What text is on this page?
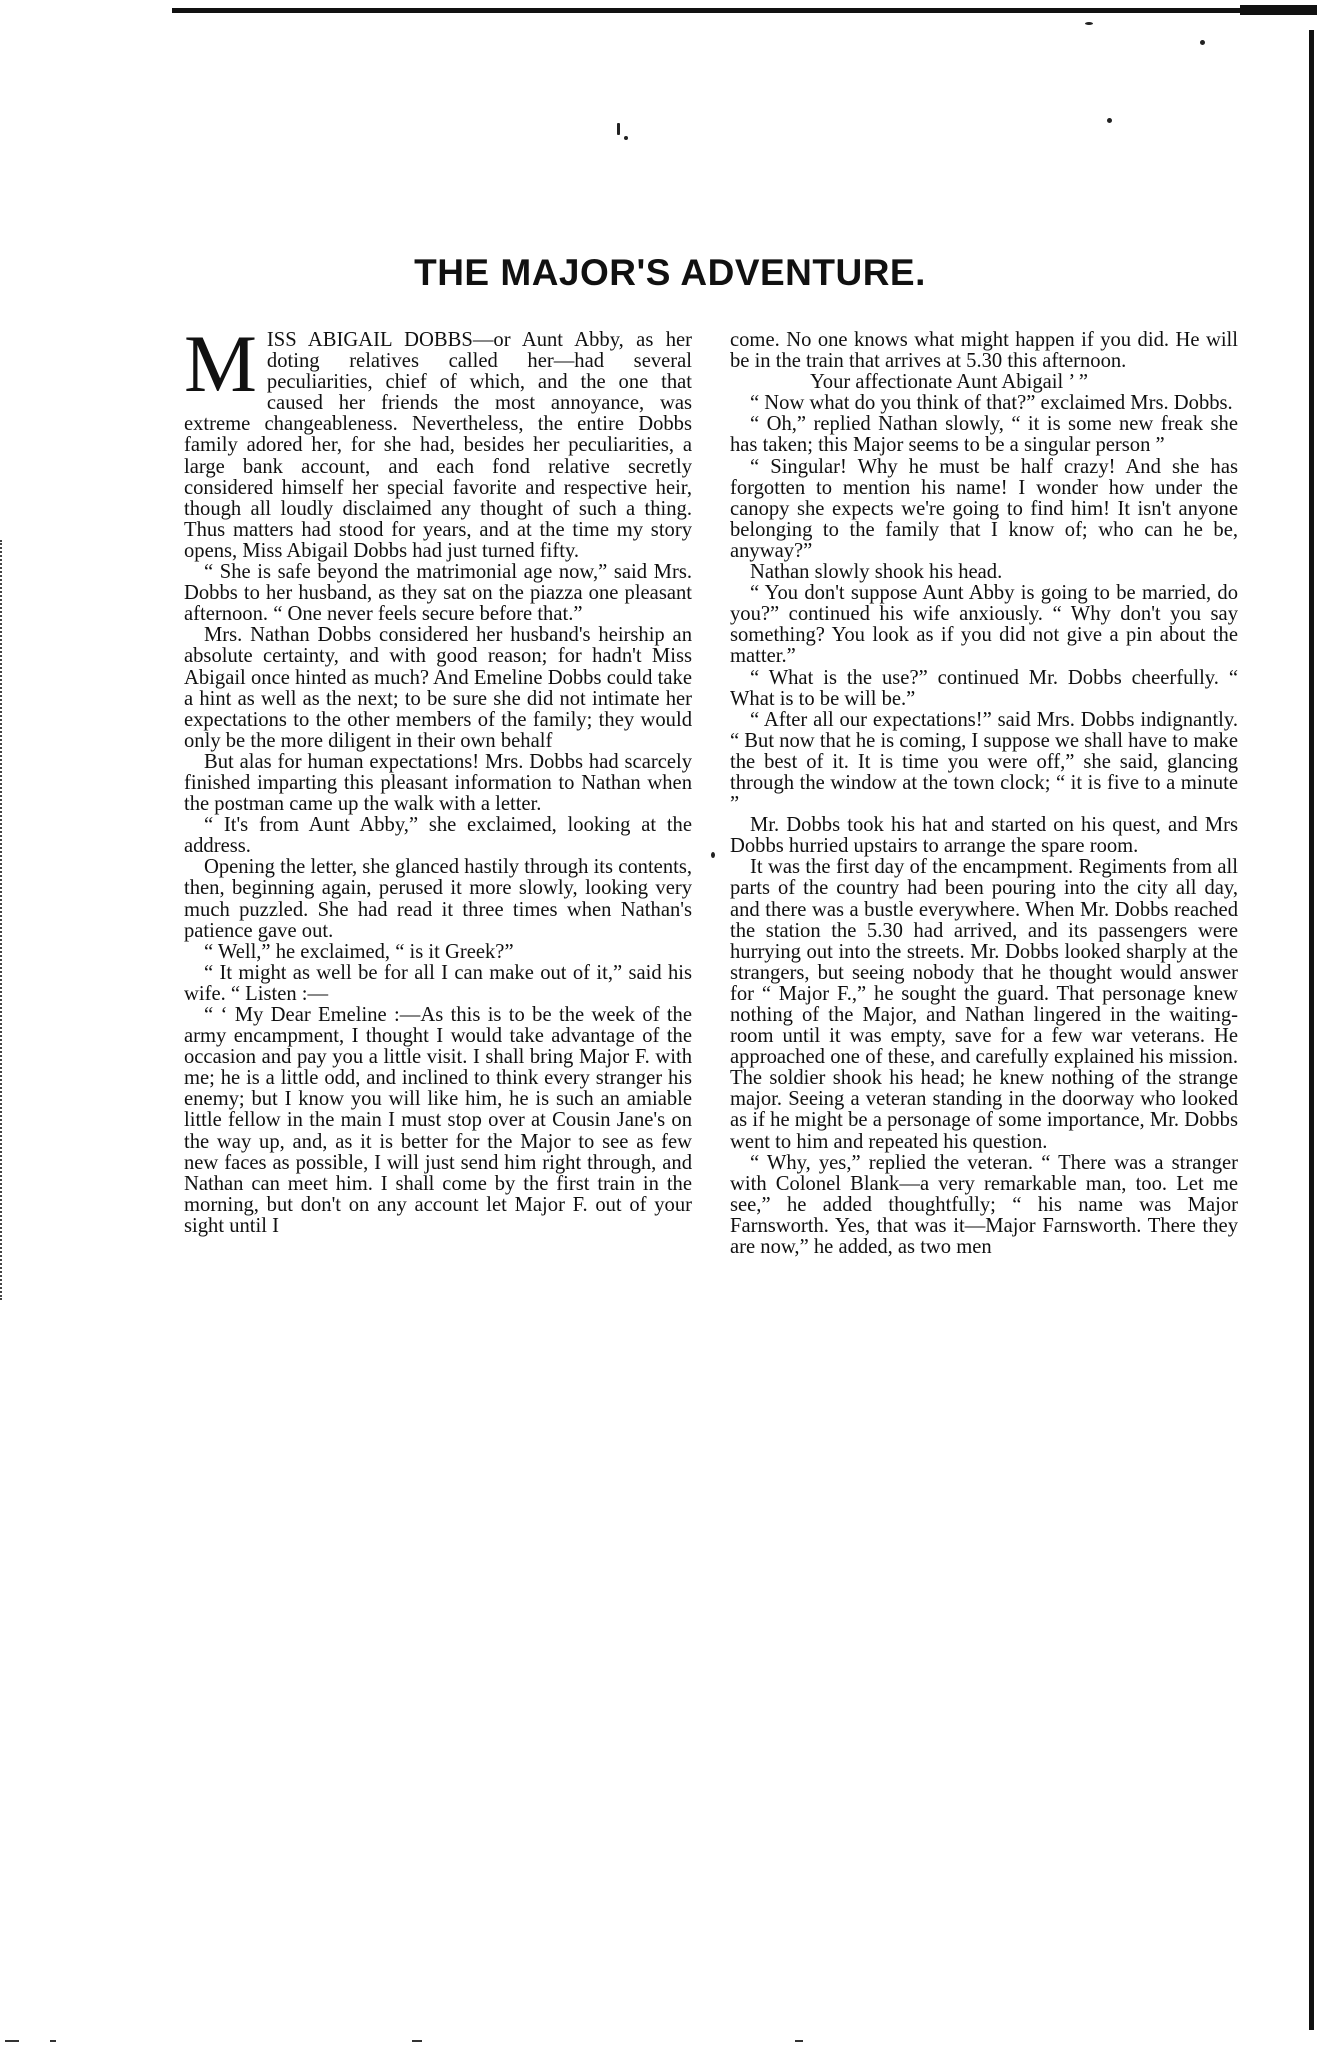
THE MAJOR'S ADVENTURE.

MISS ABIGAIL DOBBS—or Aunt Abby, as her doting relatives called her—had several peculiarities, chief of which, and the one that caused her friends the most annoyance, was extreme changeableness. Nevertheless, the entire Dobbs family adored her, for she had, besides her peculiarities, a large bank account, and each fond relative secretly considered himself her special favorite and respective heir, though all loudly disclaimed any thought of such a thing. Thus matters had stood for years, and at the time my story opens, Miss Abigail Dobbs had just turned fifty.

“ She is safe beyond the matrimonial age now,” said Mrs. Dobbs to her husband, as they sat on the piazza one pleasant afternoon. “ One never feels secure before that.”

Mrs. Nathan Dobbs considered her husband's heirship an absolute certainty, and with good reason; for hadn't Miss Abigail once hinted as much? And Emeline Dobbs could take a hint as well as the next; to be sure she did not intimate her expectations to the other members of the family; they would only be the more diligent in their own behalf

But alas for human expectations! Mrs. Dobbs had scarcely finished imparting this pleasant information to Nathan when the postman came up the walk with a letter.

“ It's from Aunt Abby,” she exclaimed, looking at the address.

Opening the letter, she glanced hastily through its contents, then, beginning again, perused it more slowly, looking very much puzzled. She had read it three times when Nathan's patience gave out.

“ Well,” he exclaimed, “ is it Greek?”

“ It might as well be for all I can make out of it,” said his wife. “ Listen :—

“ ‘ My Dear Emeline :—As this is to be the week of the army encampment, I thought I would take advantage of the occasion and pay you a little visit. I shall bring Major F. with me; he is a little odd, and inclined to think every stranger his enemy; but I know you will like him, he is such an amiable little fellow in the main I must stop over at Cousin Jane's on the way up, and, as it is better for the Major to see as few new faces as possible, I will just send him right through, and Nathan can meet him. I shall come by the first train in the morning, but don't on any account let Major F. out of your sight until I

come. No one knows what might happen if you did. He will be in the train that arrives at 5.30 this afternoon.

Your affectionate Aunt Abigail ’ ”

“ Now what do you think of that?” exclaimed Mrs. Dobbs.

“ Oh,” replied Nathan slowly, “ it is some new freak she has taken; this Major seems to be a singular person ”

“ Singular! Why he must be half crazy! And she has forgotten to mention his name! I wonder how under the canopy she expects we're going to find him! It isn't anyone belonging to the family that I know of; who can he be, anyway?”

Nathan slowly shook his head.

“ You don't suppose Aunt Abby is going to be married, do you?” continued his wife anxiously. “ Why don't you say something? You look as if you did not give a pin about the matter.”

“ What is the use?” continued Mr. Dobbs cheerfully. “ What is to be will be.”

“ After all our expectations!” said Mrs. Dobbs indignantly. “ But now that he is coming, I suppose we shall have to make the best of it. It is time you were off,” she said, glancing through the window at the town clock; “ it is five to a minute ”

Mr. Dobbs took his hat and started on his quest, and Mrs Dobbs hurried upstairs to arrange the spare room.

It was the first day of the encampment. Regiments from all parts of the country had been pouring into the city all day, and there was a bustle everywhere. When Mr. Dobbs reached the station the 5.30 had arrived, and its passengers were hurrying out into the streets. Mr. Dobbs looked sharply at the strangers, but seeing nobody that he thought would answer for “ Major F.,” he sought the guard. That personage knew nothing of the Major, and Nathan lingered in the waiting-room until it was empty, save for a few war veterans. He approached one of these, and carefully explained his mission. The soldier shook his head; he knew nothing of the strange major. Seeing a veteran standing in the doorway who looked as if he might be a personage of some importance, Mr. Dobbs went to him and repeated his question.

“ Why, yes,” replied the veteran. “ There was a stranger with Colonel Blank—a very remarkable man, too. Let me see,” he added thoughtfully; “ his name was Major Farnsworth. Yes, that was it—Major Farnsworth. There they are now,” he added, as two men
